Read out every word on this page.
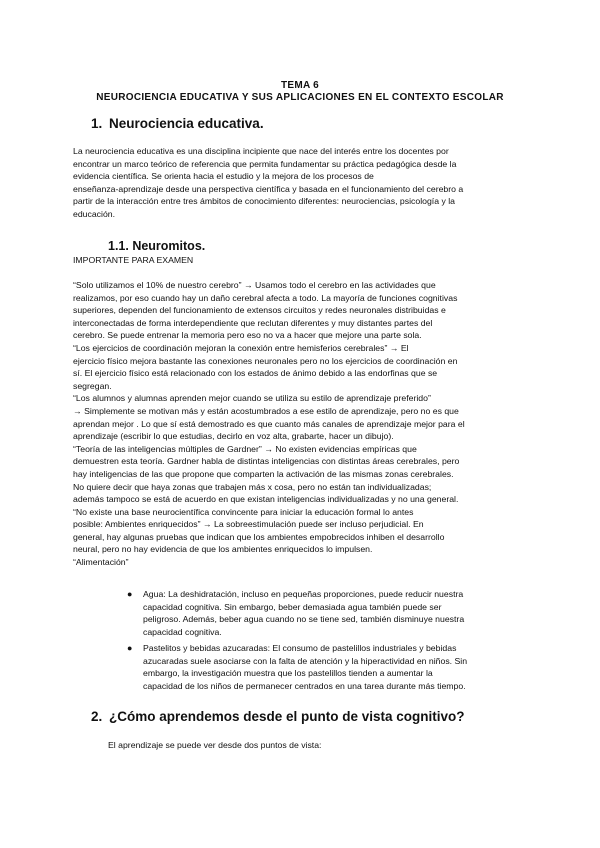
TEMA 6
NEUROCIENCIA EDUCATIVA Y SUS APLICACIONES EN EL CONTEXTO ESCOLAR
1. Neurociencia educativa.
La neurociencia educativa es una disciplina incipiente que nace del interés entre los docentes por
encontrar un marco teórico de referencia que permita fundamentar su práctica pedagógica desde la
evidencia científica. Se orienta hacia el estudio y la mejora de los procesos de
enseñanza-aprendizaje desde una perspectiva científica y basada en el funcionamiento del cerebro a
partir de la interacción entre tres ámbitos de conocimiento diferentes: neurociencias, psicología y la
educación.
1.1. Neuromitos.
IMPORTANTE PARA EXAMEN
“Solo utilizamos el 10% de nuestro cerebro” → Usamos todo el cerebro en las actividades que
realizamos, por eso cuando hay un daño cerebral afecta a todo. La mayoría de funciones cognitivas
superiores, dependen del funcionamiento de extensos circuitos y redes neuronales distribuidas e
interconectadas de forma interdependiente que reclutan diferentes y muy distantes partes del
cerebro. Se puede entrenar la memoria pero eso no va a hacer que mejore una parte sola.
“Los ejercicios de coordinación mejoran la conexión entre hemisferios cerebrales” → El
ejercicio físico mejora bastante las conexiones neuronales pero no los ejercicios de coordinación en
sí. El ejercicio físico está relacionado con los estados de ánimo debido a las endorfinas que se
segregan.
“Los alumnos y alumnas aprenden mejor cuando se utiliza su estilo de aprendizaje preferido”
→ Simplemente se motivan más y están acostumbrados a ese estilo de aprendizaje, pero no es que
aprendan mejor . Lo que sí está demostrado es que cuanto más canales de aprendizaje mejor para el
aprendizaje (escribir lo que estudias, decirlo en voz alta, grabarte, hacer un dibujo).
“Teoría de las inteligencias múltiples de Gardner” → No existen evidencias empíricas que
demuestren esta teoría. Gardner habla de distintas inteligencias con distintas áreas cerebrales, pero
hay inteligencias de las que propone que comparten la activación de las mismas zonas cerebrales.
No quiere decir que haya zonas que trabajen más x cosa, pero no están tan individualizadas;
además tampoco se está de acuerdo en que existan inteligencias individualizadas y no una general.
“No existe una base neurocientífica convincente para iniciar la educación formal lo antes
posible: Ambientes enriquecidos” → La sobreestimulación puede ser incluso perjudicial. En
general, hay algunas pruebas que indican que los ambientes empobrecidos inhiben el desarrollo
neural, pero no hay evidencia de que los ambientes enriquecidos lo impulsen.
“Alimentación”
● Agua: La deshidratación, incluso en pequeñas proporciones, puede reducir nuestra
capacidad cognitiva. Sin embargo, beber demasiada agua también puede ser
peligroso. Además, beber agua cuando no se tiene sed, también disminuye nuestra
capacidad cognitiva.
● Pastelitos y bebidas azucaradas: El consumo de pastelillos industriales y bebidas
azucaradas suele asociarse con la falta de atención y la hiperactividad en niños. Sin
embargo, la investigación muestra que los pastelillos tienden a aumentar la
capacidad de los niños de permanecer centrados en una tarea durante más tiempo.
2. ¿Cómo aprendemos desde el punto de vista cognitivo?
El aprendizaje se puede ver desde dos puntos de vista:
